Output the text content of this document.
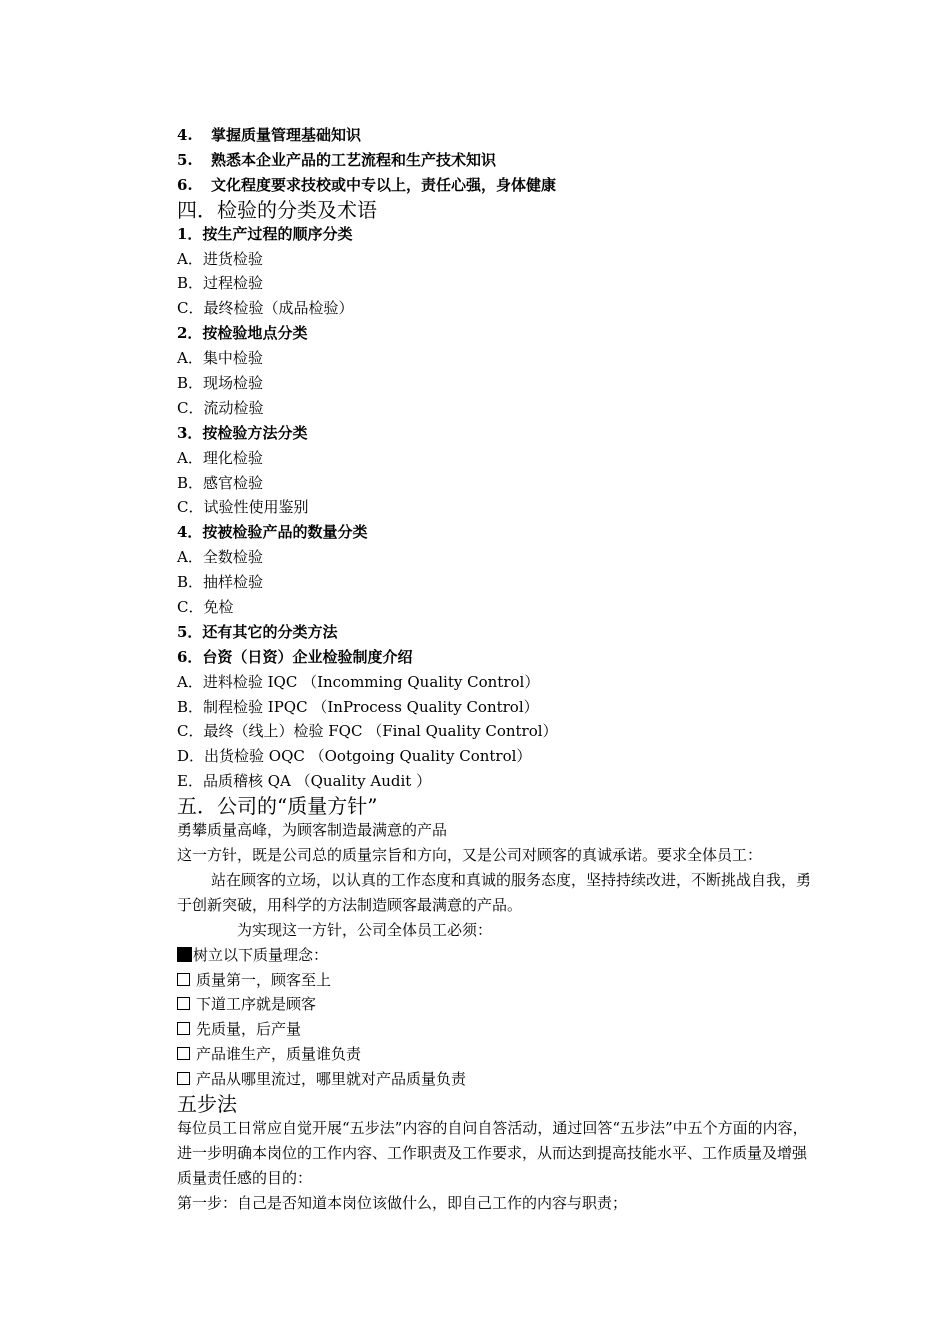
4. 掌握质量管理基础知识
5. 熟悉本企业产品的工艺流程和生产技术知识
6. 文化程度要求技校或中专以上，责任心强，身体健康
四．检验的分类及术语
1．按生产过程的顺序分类
A．进货检验
B．过程检验
C．最终检验（成品检验）
2．按检验地点分类
A．集中检验
B．现场检验
C．流动检验
3．按检验方法分类
A．理化检验
B．感官检验
C．试验性使用鉴别
4．按被检验产品的数量分类
A．全数检验
B．抽样检验
C．免检
5．还有其它的分类方法
6．台资（日资）企业检验制度介绍
A．进料检验 IQC （Incomming Quality Control）
B．制程检验 IPQC （InProcess Quality Control）
C．最终（线上）检验 FQC （Final Quality Control）
D．出货检验 OQC （Ootgoing Quality Control）
E．品质稽核 QA （Quality Audit ）
五．公司的“质量方针”
勇攀质量高峰，为顾客制造最满意的产品
这一方针，既是公司总的质量宗旨和方向，又是公司对顾客的真诚承诺。要求全体员工：
站在顾客的立场，以认真的工作态度和真诚的服务态度，坚持持续改进，不断挑战自我，勇于创新突破，用科学的方法制造顾客最满意的产品。
为实现这一方针，公司全体员工必须：
树立以下质量理念：
质量第一，顾客至上
下道工序就是顾客
先质量，后产量
产品谁生产，质量谁负责
产品从哪里流过，哪里就对产品质量负责
五步法
每位员工日常应自觉开展“五步法”内容的自问自答活动，通过回答“五步法”中五个方面的内容，进一步明确本岗位的工作内容、工作职责及工作要求，从而达到提高技能水平、工作质量及增强质量责任感的目的：
第一步：自己是否知道本岗位该做什么，即自己工作的内容与职责；
